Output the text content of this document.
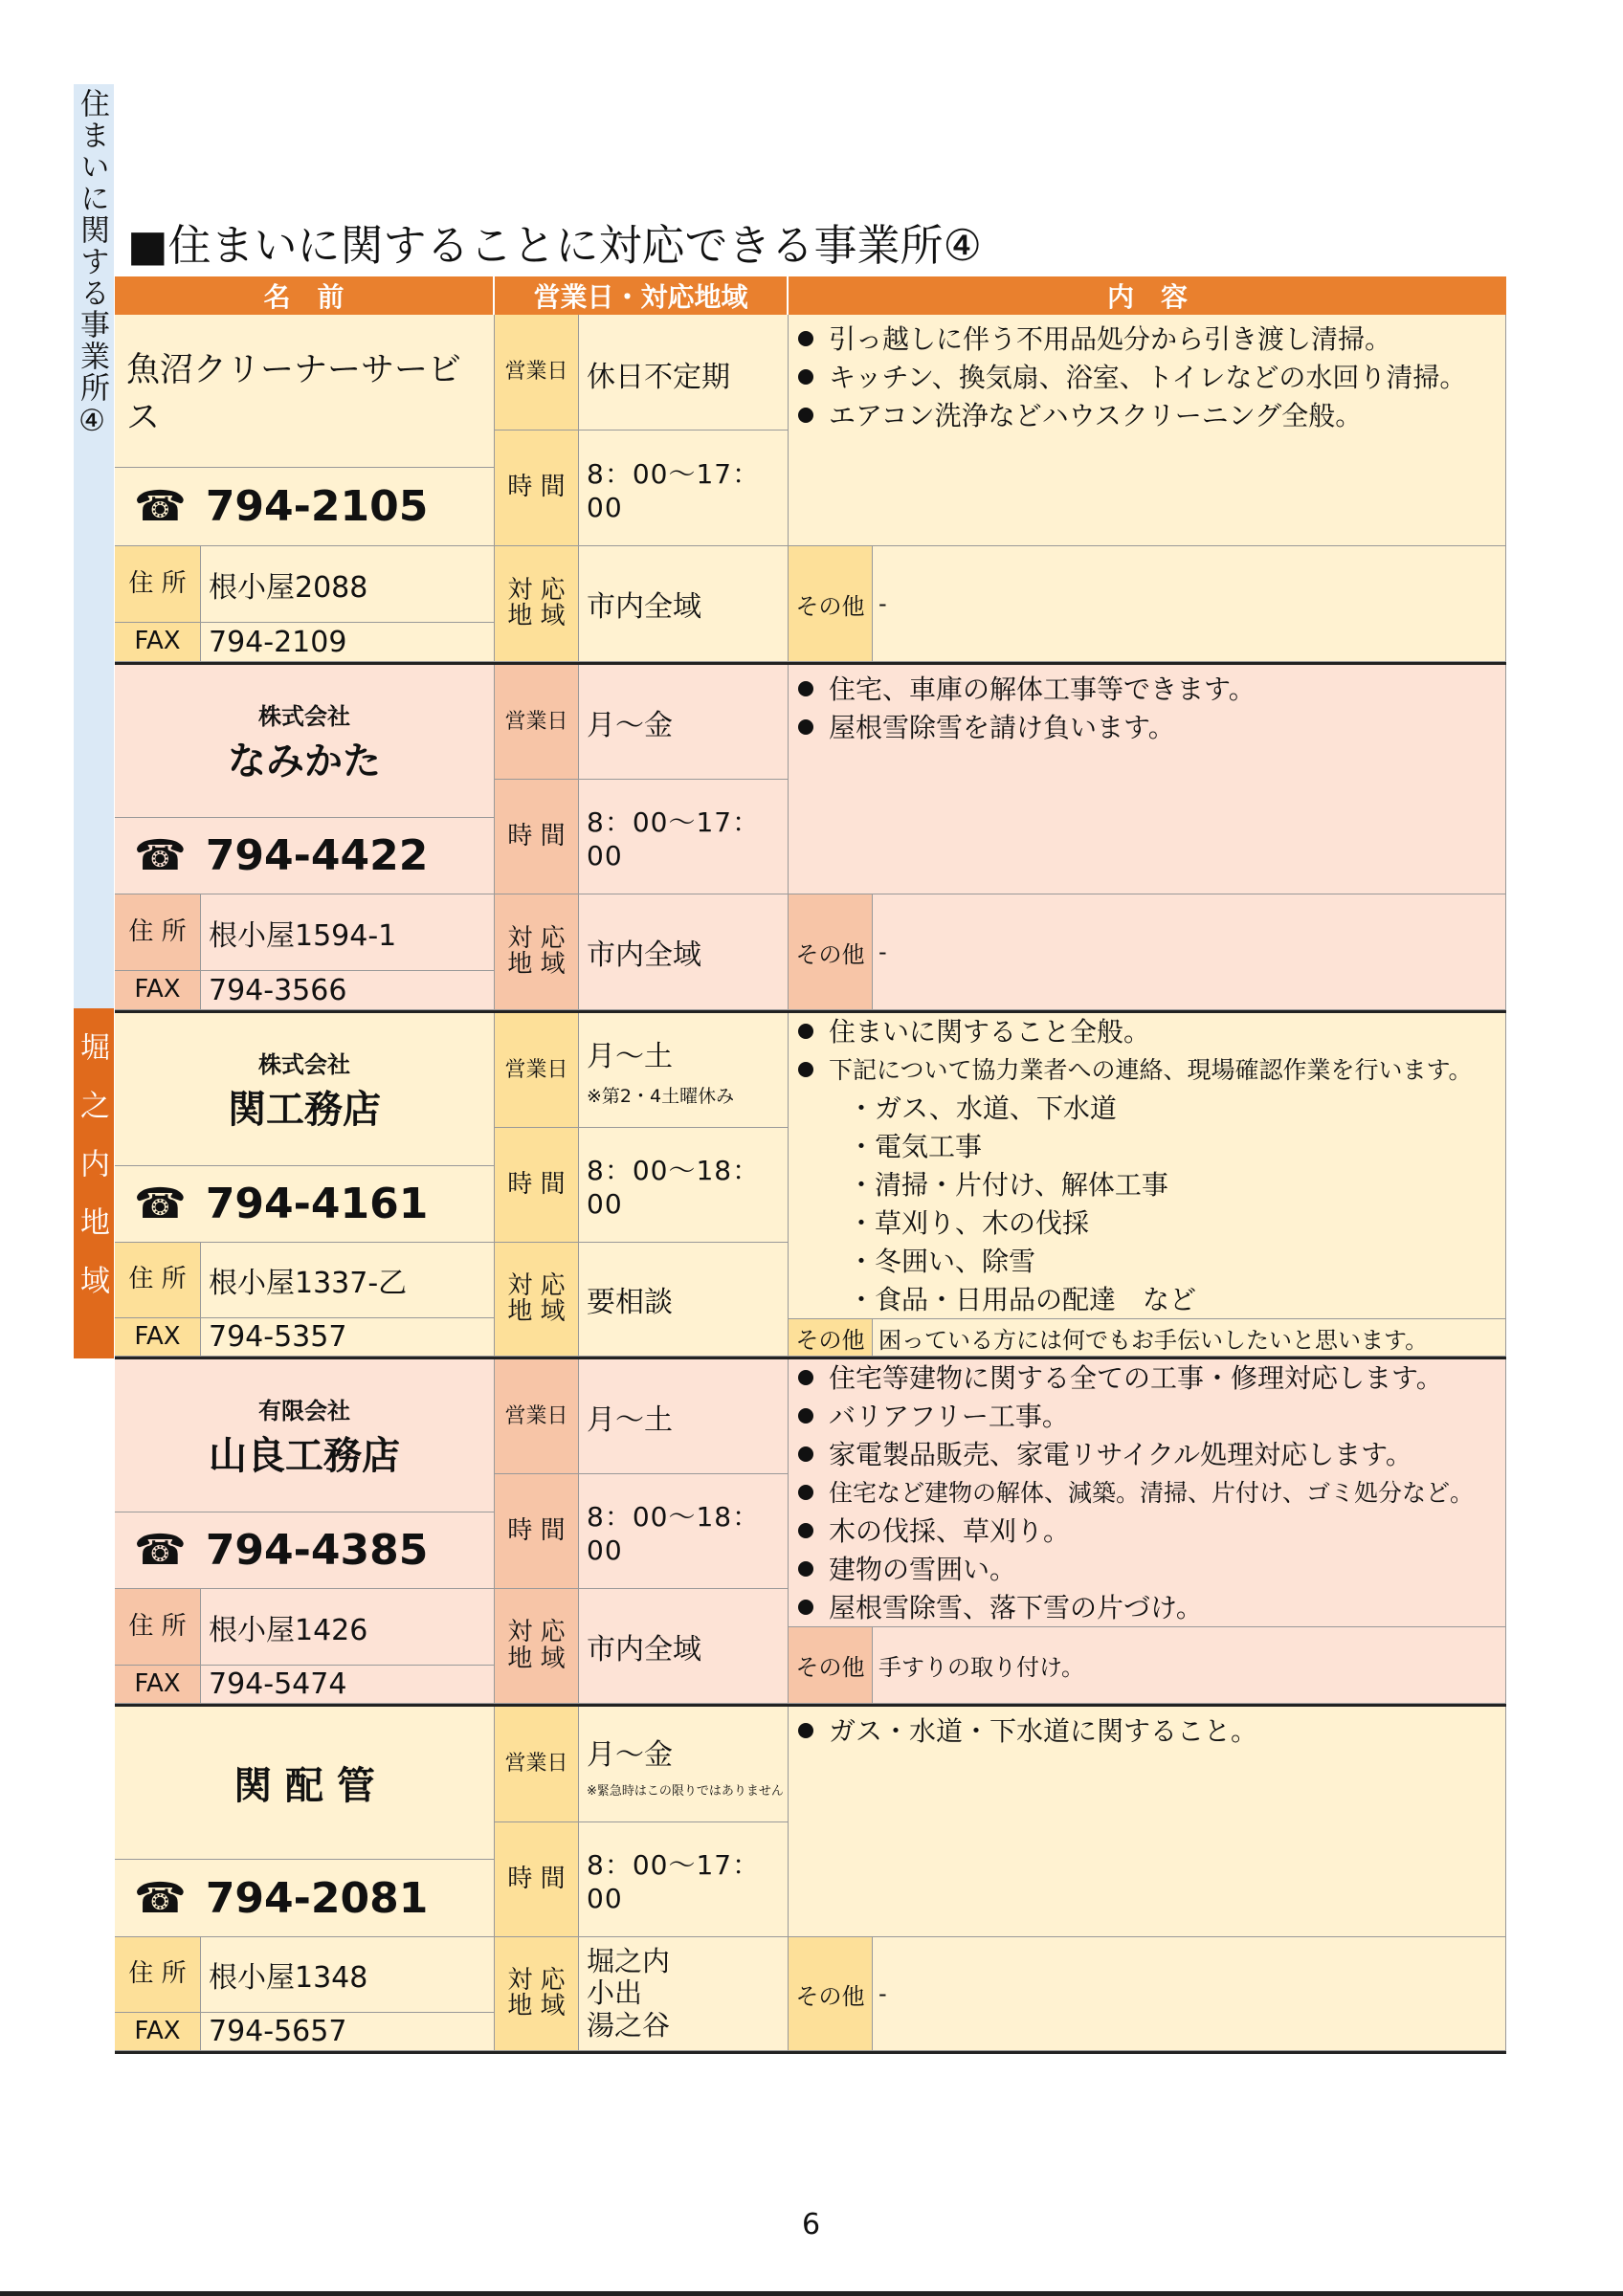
住まいに関する事業所④
堀之内地域
■住まいに関することに対応できる事業所④
名　前	営業日・対応地域	内　容
魚沼クリーナーサービス
☎ 794-2105
住 所 根小屋2088
FAX 794-2109
営業日 休日不定期
時 間 8：00～17：00
対 応
地 域 市内全域
引っ越しに伴う不用品処分から引き渡し清掃。
キッチン、換気扇、浴室、トイレなどの水回り清掃。
エアコン洗浄などハウスクリーニング全般。
その他 -
株式会社
なみかた
☎ 794-4422
住 所 根小屋1594-1
FAX 794-3566
営業日 月～金
時 間 8：00～17：00
対 応
地 域 市内全域
住宅、車庫の解体工事等できます。
屋根雪除雪を請け負います。
その他 -
株式会社
関工務店
☎ 794-4161
住 所 根小屋1337-乙
FAX 794-5357
営業日 月～土
※第2・4土曜休み
時 間 8：00～18：00
対 応
地 域 要相談
住まいに関すること全般。
下記について協力業者への連絡、現場確認作業を行います。
・ ガス、水道、下水道
・ 電気工事
・ 清掃・片付け、解体工事
・ 草刈り、木の伐採
・ 冬囲い、除雪
・ 食品・日用品の配達　など
その他 困っている方には何でもお手伝いしたいと思います。
有限会社
山良工務店
☎ 794-4385
住 所 根小屋1426
FAX 794-5474
営業日 月～土
時 間 8：00～18：00
対 応
地 域 市内全域
住宅等建物に関する全ての工事・修理対応します。
バリアフリー工事。
家電製品販売、家電リサイクル処理対応します。
住宅など建物の解体、減築。清掃、片付け、ゴミ処分など。
木の伐採、草刈り。
建物の雪囲い。
屋根雪除雪、落下雪の片づけ。
その他 手すりの取り付け。
関 配 管
☎ 794-2081
住 所 根小屋1348
FAX 794-5657
営業日 月～金
※緊急時はこの限りではありません
時 間 8：00～17：00
対 応
地 域
堀之内
小出
湯之谷
ガス・水道・下水道に関すること。
その他 -
6
